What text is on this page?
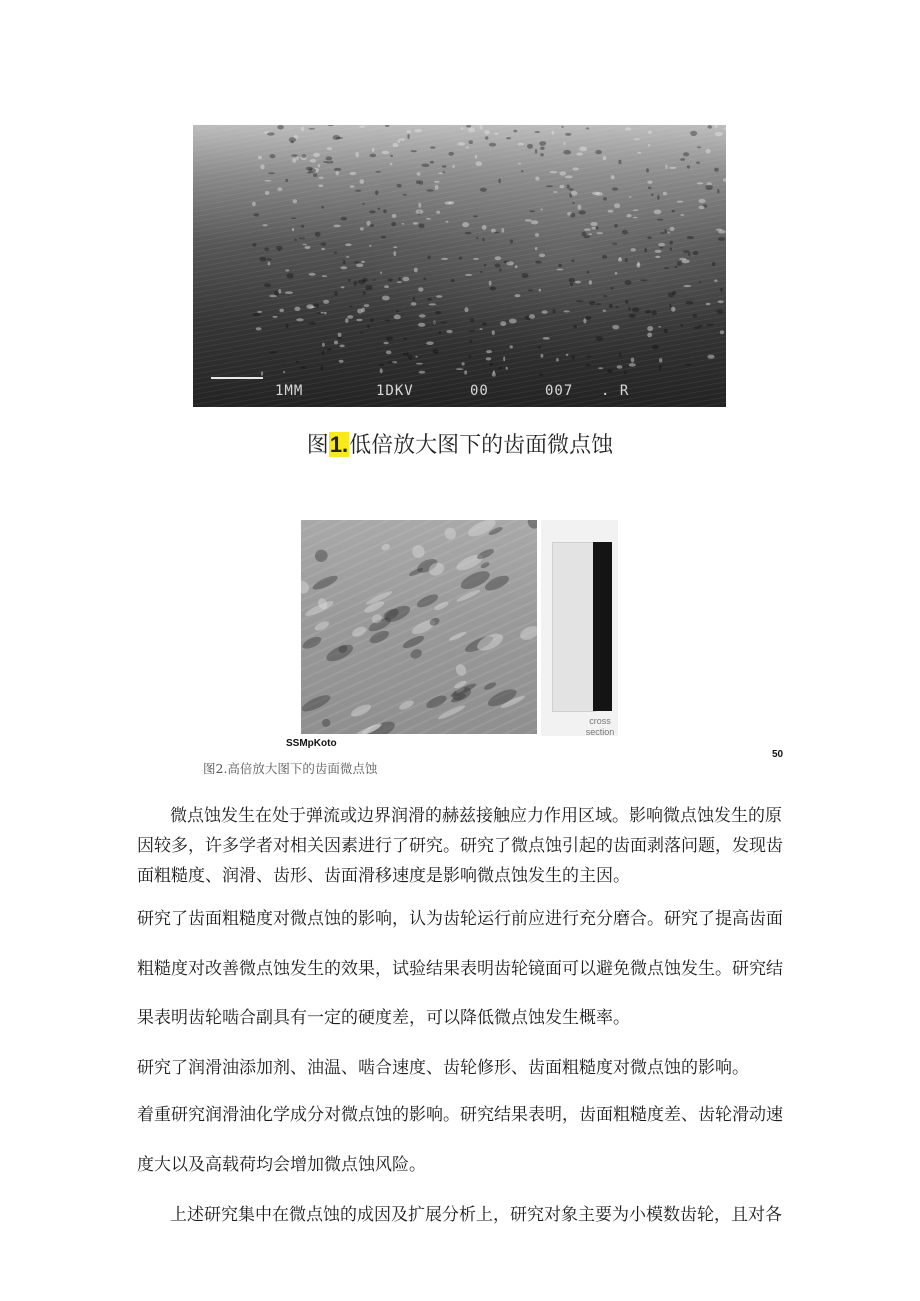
1MM	1DKV	00	007 . R
图1.低倍放大图下的齿面微点蚀
cross
section
SSMpKoto
50
图2.高倍放大图下的齿面微点蚀
微点蚀发生在处于弹流或边界润滑的赫兹接触应力作用区域。影响微点蚀发生的原
因较多，许多学者对相关因素进行了研究。研究了微点蚀引起的齿面剥落问题，发现齿
面粗糙度、润滑、齿形、齿面滑移速度是影响微点蚀发生的主因。
研究了齿面粗糙度对微点蚀的影响，认为齿轮运行前应进行充分磨合。研究了提高齿面
粗糙度对改善微点蚀发生的效果，试验结果表明齿轮镜面可以避免微点蚀发生。研究结
果表明齿轮啮合副具有一定的硬度差，可以降低微点蚀发生概率。
研究了润滑油添加剂、油温、啮合速度、齿轮修形、齿面粗糙度对微点蚀的影响。
着重研究润滑油化学成分对微点蚀的影响。研究结果表明，齿面粗糙度差、齿轮滑动速
度大以及高载荷均会增加微点蚀风险。
上述研究集中在微点蚀的成因及扩展分析上，研究对象主要为小模数齿轮，且对各
